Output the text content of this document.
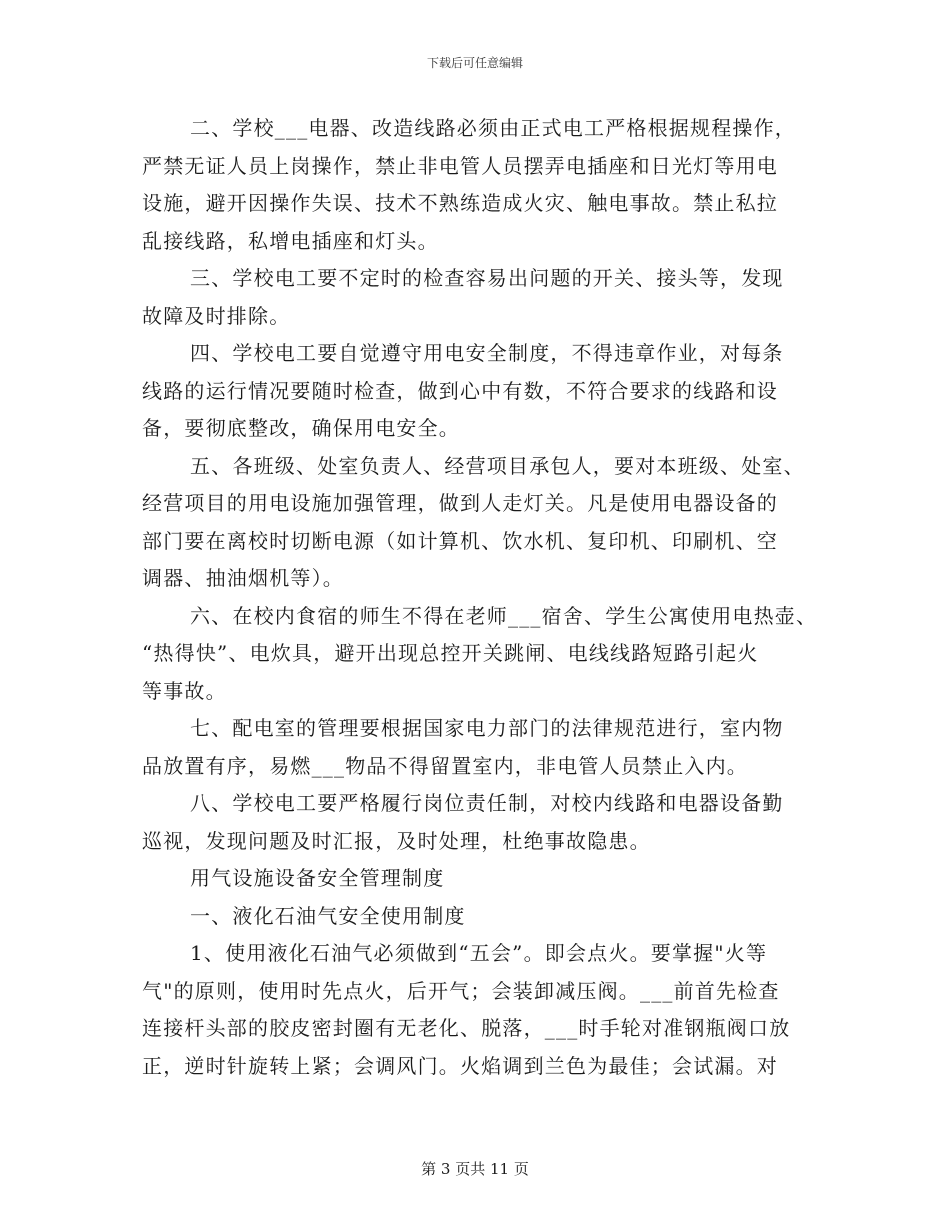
下载后可任意编辑
二、学校___电器、改造线路必须由正式电工严格根据规程操作，
严禁无证人员上岗操作，禁止非电管人员摆弄电插座和日光灯等用电
设施，避开因操作失误、技术不熟练造成火灾、触电事故。禁止私拉
乱接线路，私增电插座和灯头。
三、学校电工要不定时的检查容易出问题的开关、接头等，发现
故障及时排除。
四、学校电工要自觉遵守用电安全制度，不得违章作业，对每条
线路的运行情况要随时检查，做到心中有数，不符合要求的线路和设
备，要彻底整改，确保用电安全。
五、各班级、处室负责人、经营项目承包人，要对本班级、处室、
经营项目的用电设施加强管理，做到人走灯关。凡是使用电器设备的
部门要在离校时切断电源（如计算机、饮水机、复印机、印刷机、空
调器、抽油烟机等）。
六、在校内食宿的师生不得在老师___宿舍、学生公寓使用电热壶、
“热得快”、电炊具，避开出现总控开关跳闸、电线线路短路引起火
等事故。
七、配电室的管理要根据国家电力部门的法律规范进行，室内物
品放置有序，易燃___物品不得留置室内，非电管人员禁止入内。
八、学校电工要严格履行岗位责任制，对校内线路和电器设备勤
巡视，发现问题及时汇报，及时处理，杜绝事故隐患。
用气设施设备安全管理制度
一、液化石油气安全使用制度
1、使用液化石油气必须做到“五会”。即会点火。要掌握"火等
气"的原则，使用时先点火，后开气；会装卸减压阀。___前首先检查
连接杆头部的胶皮密封圈有无老化、脱落，___时手轮对准钢瓶阀口放
正，逆时针旋转上紧；会调风门。火焰调到兰色为最佳；会试漏。对
第 3 页共 11 页
